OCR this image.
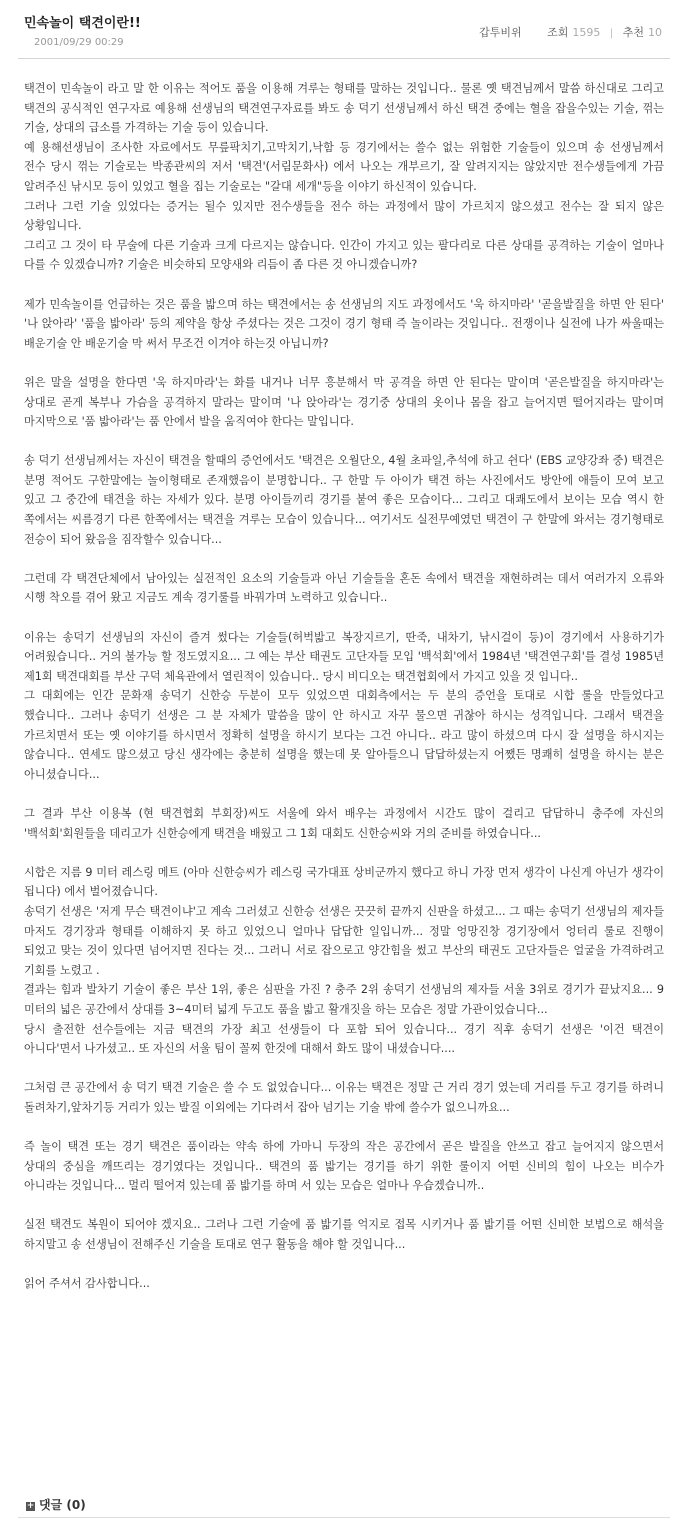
민속놀이 택견이란!!
2001/09/29 00:29
갑투비위 조회 1595 | 추천 10

택견이 민속놀이 라고 말 한 이유는 적어도 품을 이용해 겨루는 형태를 말하는 것입니다.. 물론 옛 택견님께서 말씀 하신대로 그리고 택견의 공식적인 연구자료 예용해 선생님의 택견연구자료를 봐도 송 덕기 선생님께서 하신 택견 중에는 혈을 잡을수있는 기술, 꺾는 기술, 상대의 급소를 가격하는 기술 등이 있습니다.

예 용해선생님이 조사한 자료에서도 무릎팍치기,고막치기,낙함 등 경기에서는 쓸수 없는 위험한 기술들이 있으며 송 선생님께서 전수 당시 꺾는 기술로는 박종관씨의 저서 '택견'(서림문화사) 에서 나오는 개부르기, 잘 알려지지는 않았지만 전수생들에게 가끔 알려주신 낚시모 등이 있었고 혈을 집는 기술로는 "갈대 세개"등을 이야기 하신적이 있습니다.

그러나 그런 기술 있었다는 증거는 될수 있지만 전수생들을 전수 하는 과정에서 많이 가르치지 않으셨고 전수는 잘 되지 않은 상황입니다.

그리고 그 것이 타 무술에 다른 기술과 크게 다르지는 않습니다. 인간이 가지고 있는 팔다리로 다른 상대를 공격하는 기술이 얼마나 다를 수 있겠습니까? 기술은 비슷하되 모양새와 리듬이 좀 다른 것 아니겠습니까?

제가 민속놀이를 언급하는 것은 품을 밟으며 하는 택견에서는 송 선생님의 지도 과정에서도 '욱 하지마라' '곧을발질을 하면 안 된다' '나 앉아라' '품을 밟아라' 등의 제약을 항상 주셨다는 것은 그것이 경기 형태 즉 놀이라는 것입니다.. 전쟁이나 실전에 나가 싸울때는 배운기술 안 배운기술 막 써서 무조건 이겨야 하는것 아닙니까?

위은 말을 설명을 한다면 '욱 하지마라'는 화를 내거나 너무 흥분해서 막 공격을 하면 안 된다는 말이며 '곧은발질을 하지마라'는 상대로 곧게 복부나 가슴을 공격하지 말라는 말이며 '나 앉아라'는 경기중 상대의 옷이나 몸을 잡고 늘어지면 떨어지라는 말이며 마지막으로 '품 밟아라'는 품 안에서 발을 움직여야 한다는 말입니다.

송 덕기 선생님께서는 자신이 택견을 할때의 증언에서도 '택견은 오월단오, 4월 초파일,추석에 하고 쉰다' (EBS 교양강좌 중) 택견은 분명 적어도 구한말에는 놀이형태로 존재했음이 분명합니다.. 구 한말 두 아이가 택견 하는 사진에서도 방안에 애들이 모여 보고 있고 그 중간에 태견을 하는 자세가 있다. 분명 아이들끼리 경기를 붙여 좋은 모습이다... 그리고 대쾌도에서 보이는 모습 역시 한 쪽에서는 씨름경기 다른 한쪽에서는 택견을 겨루는 모습이 있습니다... 여기서도 실전무예였던 택견이 구 한말에 와서는 경기형태로 전승이 되어 왔음을 짐작할수 있습니다...

그런데 각 택견단체에서 남아있는 실전적인 요소의 기술들과 아닌 기술들을 혼돈 속에서 택견을 재현하려는 데서 여러가지 오류와 시행 착오를 겪어 왔고 지금도 계속 경기룰를 바꿔가며 노력하고 있습니다..

이유는 송덕기 선생님의 자신이 즐겨 썼다는 기술들(허벅밟고 복장지르기, 딴죽, 내차기, 낚시걸이 등)이 경기에서 사용하기가 어려웠습니다.. 거의 불가능 할 정도였지요... 그 예는 부산 태권도 고단자들 모입 '백석회'에서 1984년 '택견연구회'를 결성 1985년 제1회 택견대회를 부산 구덕 체육관에서 열린적이 있습니다.. 당시 비디오는 택견협회에서 가지고 있을 것 입니다..

그 대회에는 인간 문화재 송덕기 신한승 두분이 모두 있었으면 대회측에서는 두 분의 증언을 토대로 시합 룰을 만들었다고 했습니다.. 그러나 송덕기 선생은 그 분 자체가 말씀을 많이 안 하시고 자꾸 물으면 귀찮아 하시는 성격입니다. 그래서 택견을 가르치면서 또는 옛 이야기를 하시면서 정확히 설명을 하시기 보다는 그건 아니다.. 라고 많이 하셨으며 다시 잘 설명을 하시지는 않습니다.. 연세도 많으셨고 당신 생각에는 충분히 설명을 했는데 못 알아들으니 답답하셨는지 어쨌든 명쾌히 설명을 하시는 분은 아니셨습니다...

그 결과 부산 이용복 (현 택견협회 부회장)씨도 서울에 와서 배우는 과정에서 시간도 많이 걸리고 답답하니 충주에 자신의 '백석회'회원들을 데리고가 신한승에게 택견을 배웠고 그 1회 대회도 신한승씨와 거의 준비를 하였습니다...

시합은 지름 9 미터 레스링 메트 (아마 신한승씨가 레스링 국가대표 상비군까지 했다고 하니 가장 먼저 생각이 나신게 아닌가 생각이 됩니다) 에서 벌어졌습니다.

송덕기 선생은 '저게 무슨 택견이냐'고 계속 그러셨고 신한승 선생은 끗끗히 끝까지 신판을 하셨고... 그 때는 송덕기 선생님의 제자들 마저도 경기장과 형태를 이해하지 못 하고 있었으니 얼마나 답답한 일입니까... 정말 엉망진창 경기장에서 엉터리 룰로 진행이 되었고 맞는 것이 있다면 넘어지면 진다는 것... 그러니 서로 잡으로고 양간힘을 썼고 부산의 태권도 고단자들은 얼굴을 가격하려고 기회를 노렸고 .

결과는 힘과 발차기 기술이 좋은 부산 1위, 좋은 심판을 가진 ? 충주 2위 송덕기 선생님의 제자들 서울 3위로 경기가 끝났지요... 9 미터의 넓은 공간에서 상대를 3~4미터 넓게 두고도 품을 밟고 활개짓을 하는 모습은 정말 가관이었습니다...

당시 출전한 선수들에는 지금 택견의 가장 최고 선생들이 다 포함 되어 있습니다... 경기 직후 송덕기 선생은 '이건 택견이 아니다'면서 나가셨고.. 또 자신의 서울 팀이 꼴찌 한것에 대해서 화도 많이 내셨습니다....

그처럼 큰 공간에서 송 덕기 택견 기술은 쓸 수 도 없었습니다... 이유는 택견은 정말 근 거리 경기 였는데 거리를 두고 경기를 하려니 돌려차기,앞차기등 거리가 있는 발질 이외에는 기다려서 잡아 넘기는 기술 밖에 쓸수가 없으니까요...

즉 놀이 택견 또는 경기 택견은 품이라는 약속 하에 가마니 두장의 작은 공간에서 곧은 발질을 안쓰고 잡고 늘어지지 않으면서 상대의 중심을 깨뜨리는 경기였다는 것입니다.. 택견의 품 밟기는 경기를 하기 위한 룰이지 어떤 신비의 힘이 나오는 비수가 아니라는 것입니다... 멀리 떨어져 있는데 품 밟기를 하며 서 있는 모습은 얼마나 우습겠습니까..

실전 택견도 복원이 되어야 겠지요.. 그러나 그런 기술에 품 밟기를 억지로 접목 시키거나 품 밟기를 어떤 신비한 보법으로 해석을 하지말고 송 선생님이 전해주신 기술을 토대로 연구 활동을 해야 할 것입니다...

읽어 주셔서 감사합니다...

+ 댓글 (0)
